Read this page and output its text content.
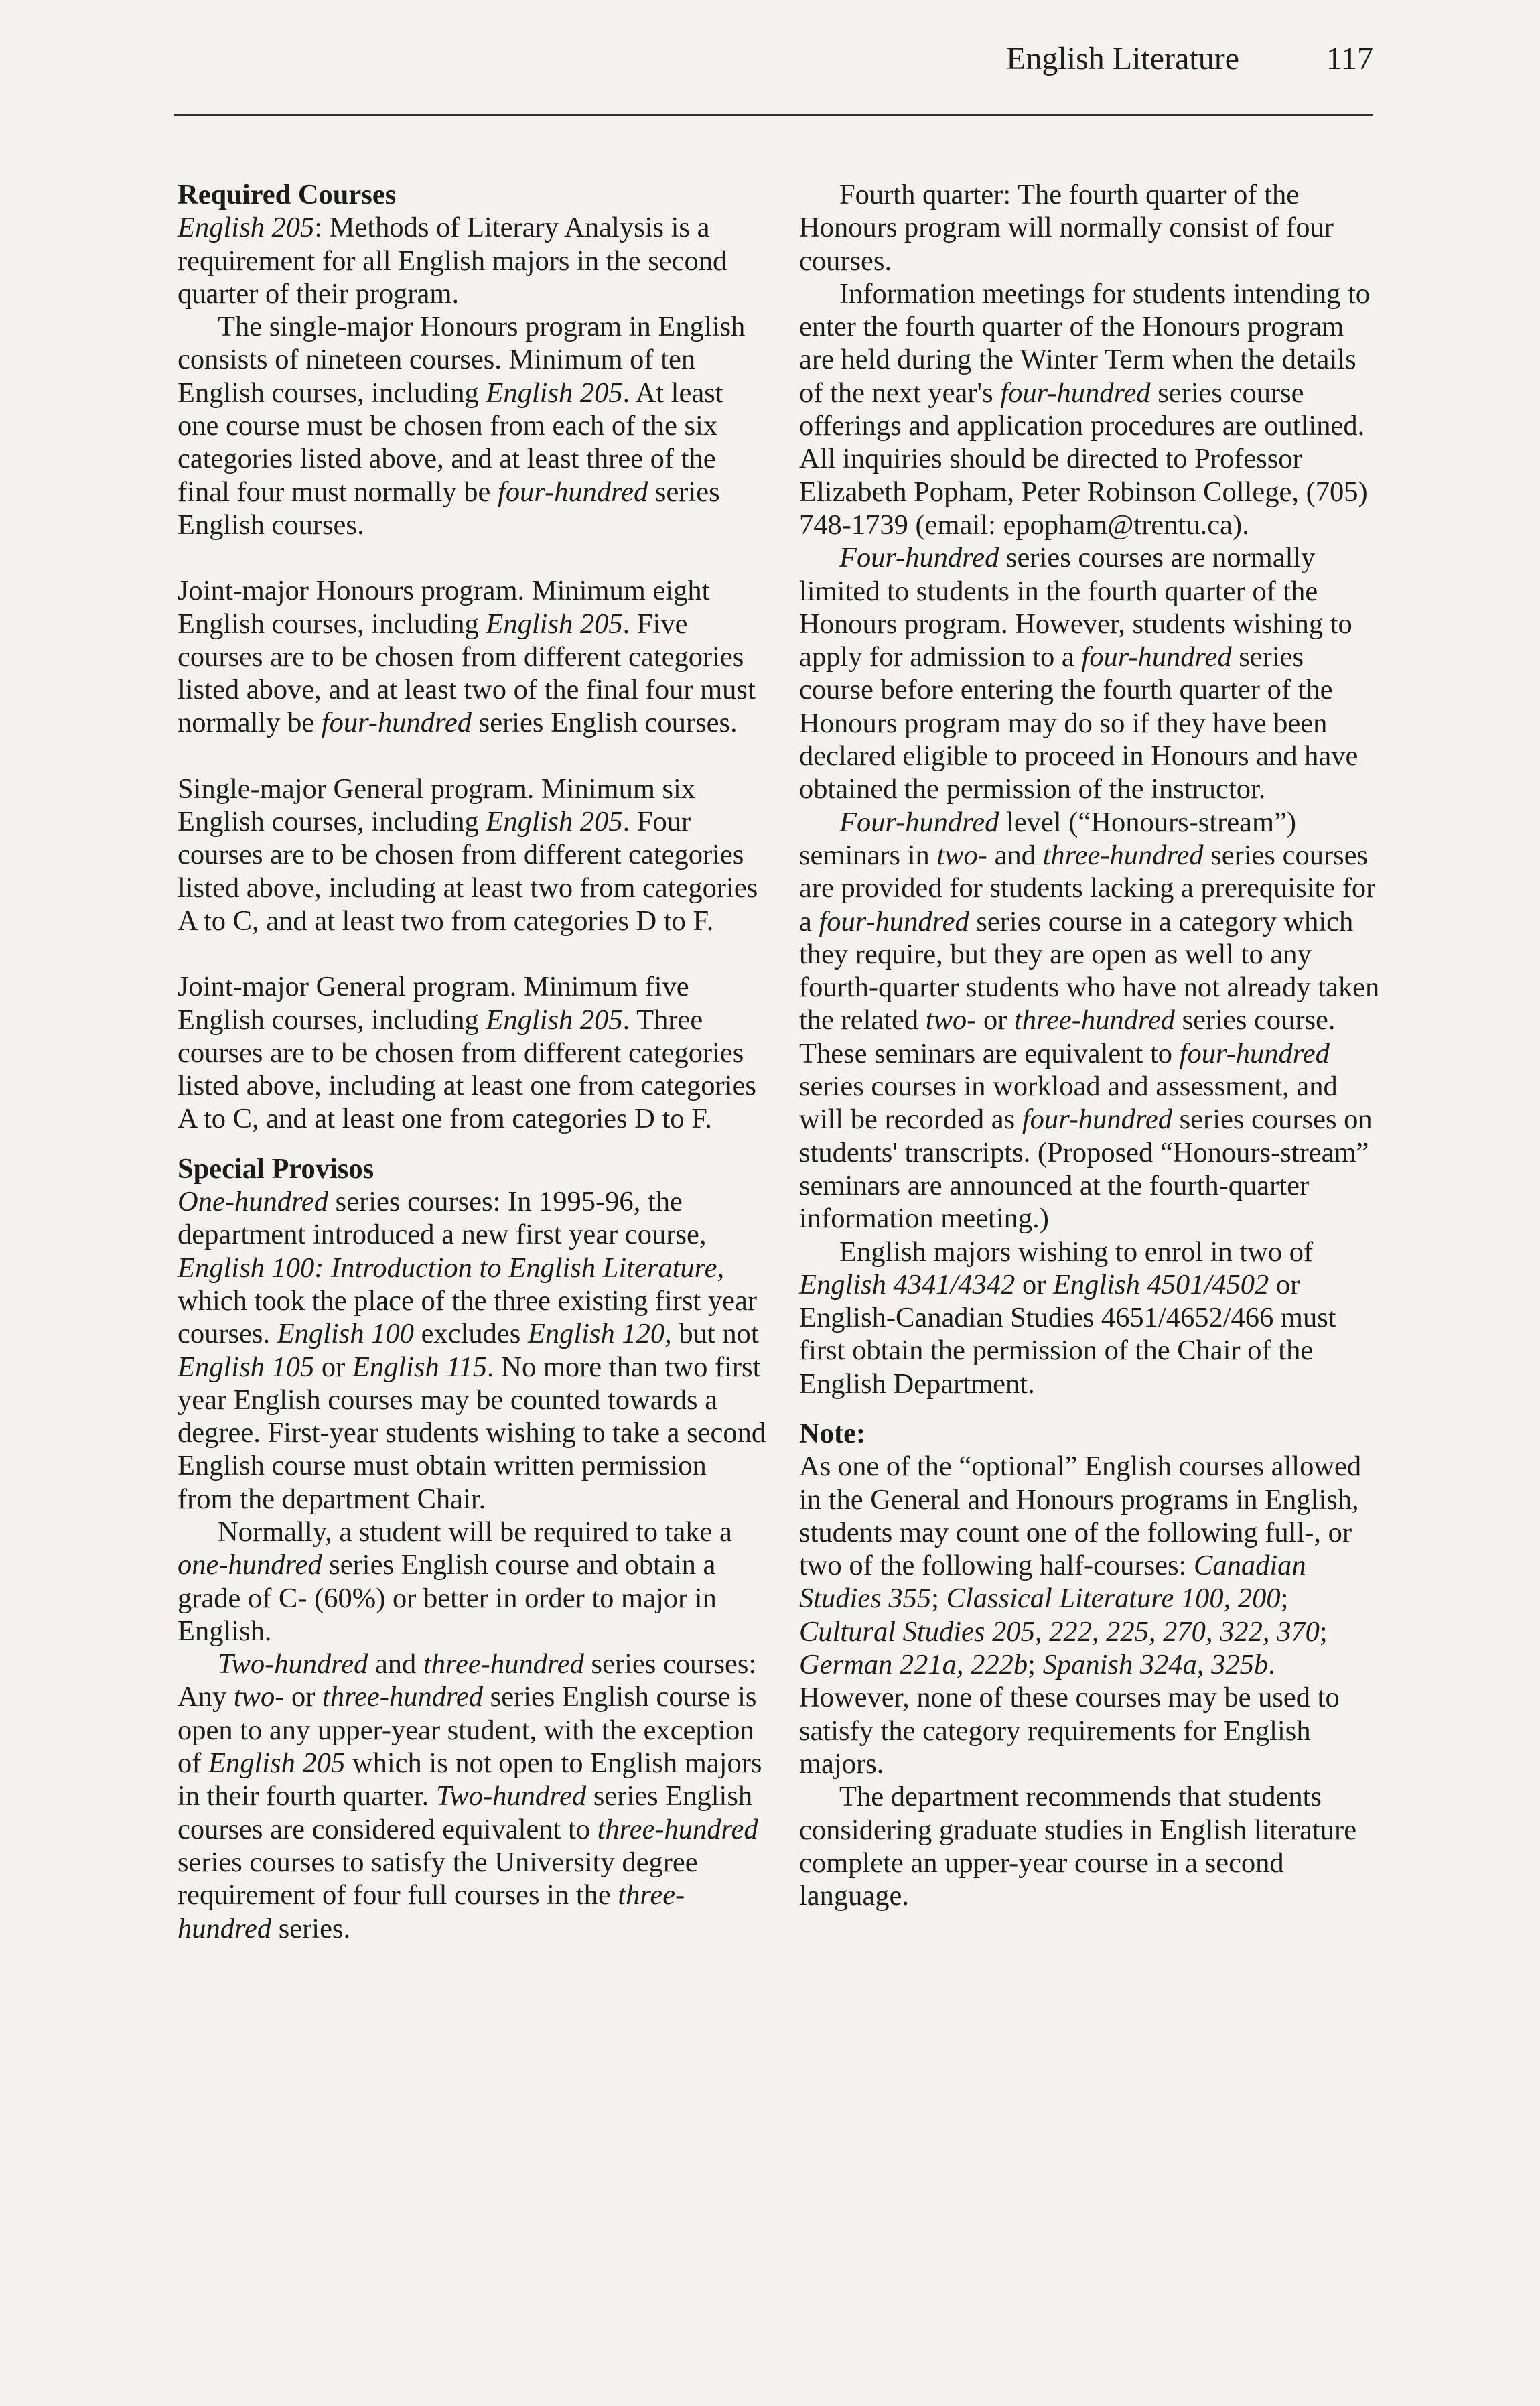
English Literature	117
Required Courses

English 205: Methods of Literary Analysis is a requirement for all English majors in the second quarter of their program.

The single-major Honours program in English consists of nineteen courses. Minimum of ten English courses, including English 205. At least one course must be chosen from each of the six categories listed above, and at least three of the final four must normally be four-hundred series English courses.

Joint-major Honours program. Minimum eight English courses, including English 205. Five courses are to be chosen from different categories listed above, and at least two of the final four must normally be four-hundred series English courses.

Single-major General program. Minimum six English courses, including English 205. Four courses are to be chosen from different categories listed above, including at least two from categories A to C, and at least two from categories D to F.

Joint-major General program. Minimum five English courses, including English 205. Three courses are to be chosen from different categories listed above, including at least one from categories A to C, and at least one from categories D to F.

Special Provisos

One-hundred series courses: In 1995-96, the department introduced a new first year course, English 100: Introduction to English Literature, which took the place of the three existing first year courses. English 100 excludes English 120, but not English 105 or English 115. No more than two first year English courses may be counted towards a degree. First-year students wishing to take a second English course must obtain written permission from the department Chair.

Normally, a student will be required to take a one-hundred series English course and obtain a grade of C- (60%) or better in order to major in English.

Two-hundred and three-hundred series courses: Any two- or three-hundred series English course is open to any upper-year student, with the exception of English 205 which is not open to English majors in their fourth quarter. Two-hundred series English courses are considered equivalent to three-hundred series courses to satisfy the University degree requirement of four full courses in the three-hundred series.

Fourth quarter: The fourth quarter of the Honours program will normally consist of four courses.

Information meetings for students intending to enter the fourth quarter of the Honours program are held during the Winter Term when the details of the next year's four-hundred series course offerings and application procedures are outlined. All inquiries should be directed to Professor Elizabeth Popham, Peter Robinson College, (705) 748-1739 (email: epopham@trentu.ca).

Four-hundred series courses are normally limited to students in the fourth quarter of the Honours program. However, students wishing to apply for admission to a four-hundred series course before entering the fourth quarter of the Honours program may do so if they have been declared eligible to proceed in Honours and have obtained the permission of the instructor.

Four-hundred level (“Honours-stream”) seminars in two- and three-hundred series courses are provided for students lacking a prerequisite for a four-hundred series course in a category which they require, but they are open as well to any fourth-quarter students who have not already taken the related two- or three-hundred series course. These seminars are equivalent to four-hundred series courses in workload and assessment, and will be recorded as four-hundred series courses on students' transcripts. (Proposed “Honours-stream” seminars are announced at the fourth-quarter information meeting.)

English majors wishing to enrol in two of English 4341/4342 or English 4501/4502 or English-Canadian Studies 4651/4652/466 must first obtain the permission of the Chair of the English Department.

Note:

As one of the “optional” English courses allowed in the General and Honours programs in English, students may count one of the following full-, or two of the following half-courses: Canadian Studies 355; Classical Literature 100, 200; Cultural Studies 205, 222, 225, 270, 322, 370; German 221a, 222b; Spanish 324a, 325b. However, none of these courses may be used to satisfy the category requirements for English majors.

The department recommends that students considering graduate studies in English literature complete an upper-year course in a second language.
